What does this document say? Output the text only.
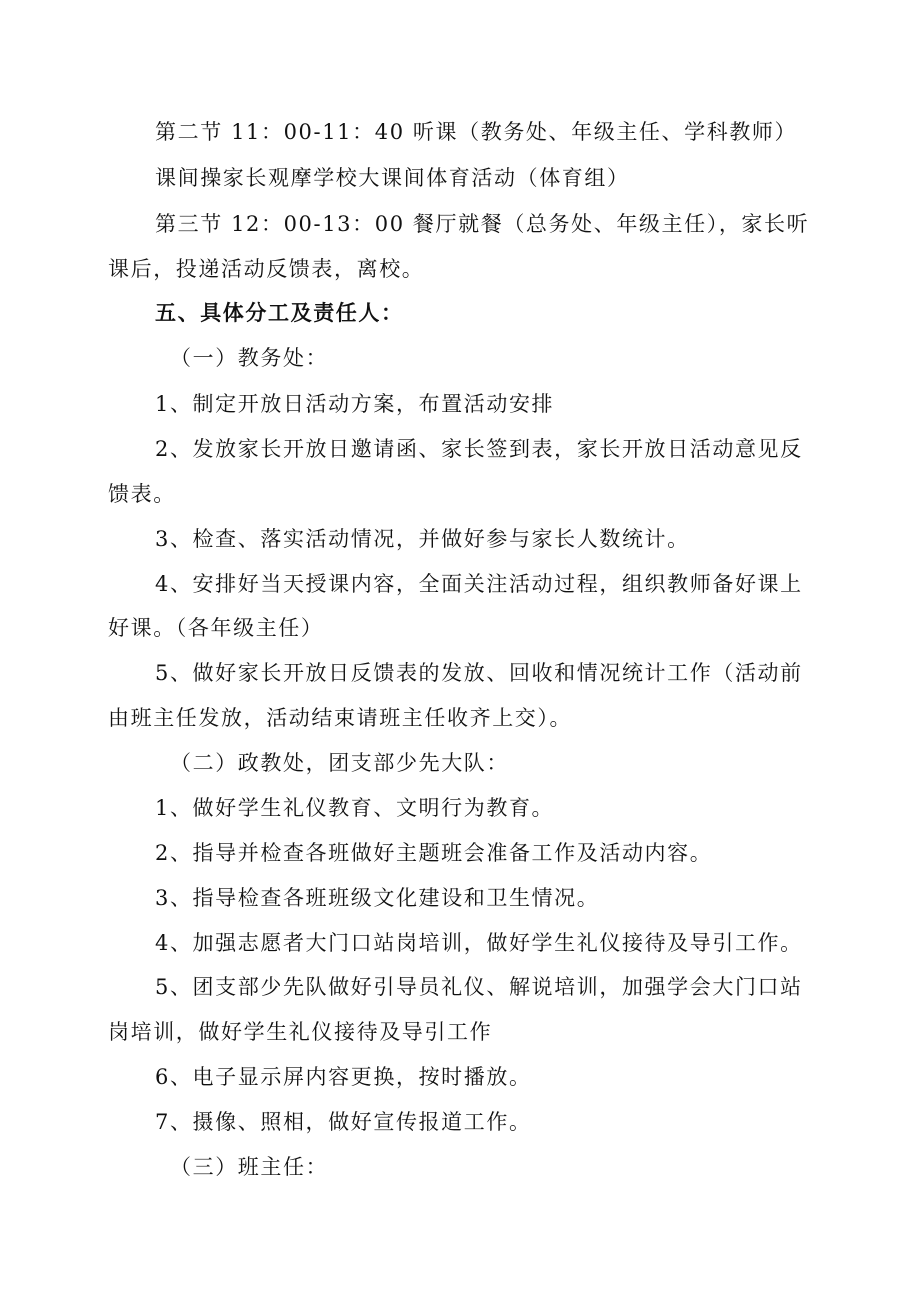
第二节 11：00-11：40 听课（教务处、年级主任、学科教师）
课间操家长观摩学校大课间体育活动（体育组）
第三节 12：00-13：00 餐厅就餐（总务处、年级主任），家长听
课后，投递活动反馈表，离校。
五、具体分工及责任人：
（一）教务处：
1、制定开放日活动方案，布置活动安排
2、发放家长开放日邀请函、家长签到表，家长开放日活动意见反
馈表。
3、检查、落实活动情况，并做好参与家长人数统计。
4、安排好当天授课内容，全面关注活动过程，组织教师备好课上
好课。（各年级主任）
5、做好家长开放日反馈表的发放、回收和情况统计工作（活动前
由班主任发放，活动结束请班主任收齐上交）。
（二）政教处，团支部少先大队：
1、做好学生礼仪教育、文明行为教育。
2、指导并检查各班做好主题班会准备工作及活动内容。
3、指导检查各班班级文化建设和卫生情况。
4、加强志愿者大门口站岗培训，做好学生礼仪接待及导引工作。
5、团支部少先队做好引导员礼仪、解说培训，加强学会大门口站
岗培训，做好学生礼仪接待及导引工作
6、电子显示屏内容更换，按时播放。
7、摄像、照相，做好宣传报道工作。
（三）班主任：
